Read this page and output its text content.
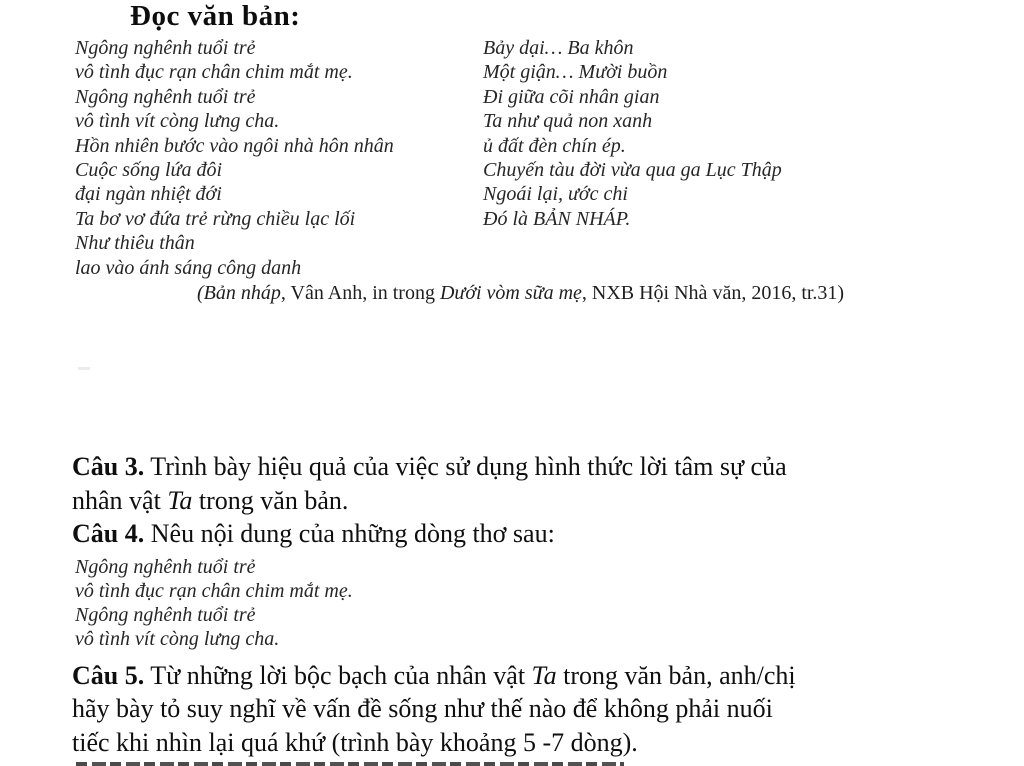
Đọc văn bản:
Ngông nghênh tuổi trẻ
vô tình đục rạn chân chim mắt mẹ.
Ngông nghênh tuổi trẻ
vô tình vít còng lưng cha.
Hồn nhiên bước vào ngôi nhà hôn nhân
Cuộc sống lứa đôi
đại ngàn nhiệt đới
Ta bơ vơ đứa trẻ rừng chiều lạc lối
Như thiêu thân
lao vào ánh sáng công danh
Bảy dại… Ba khôn
Một giận… Mười buồn
Đi giữa cõi nhân gian
Ta như quả non xanh
ủ đất đèn chín ép.
Chuyến tàu đời vừa qua ga Lục Thập
Ngoái lại, ước chi
Đó là BẢN NHÁP.
(Bản nháp, Vân Anh, in trong Dưới vòm sữa mẹ, NXB Hội Nhà văn, 2016, tr.31)
Câu 3. Trình bày hiệu quả của việc sử dụng hình thức lời tâm sự của
nhân vật Ta trong văn bản.
Câu 4. Nêu nội dung của những dòng thơ sau:
Ngông nghênh tuổi trẻ
vô tình đục rạn chân chim mắt mẹ.
Ngông nghênh tuổi trẻ
vô tình vít còng lưng cha.
Câu 5. Từ những lời bộc bạch của nhân vật Ta trong văn bản, anh/chị
hãy bày tỏ suy nghĩ về vấn đề sống như thế nào để không phải nuối
tiếc khi nhìn lại quá khứ (trình bày khoảng 5 -7 dòng).
